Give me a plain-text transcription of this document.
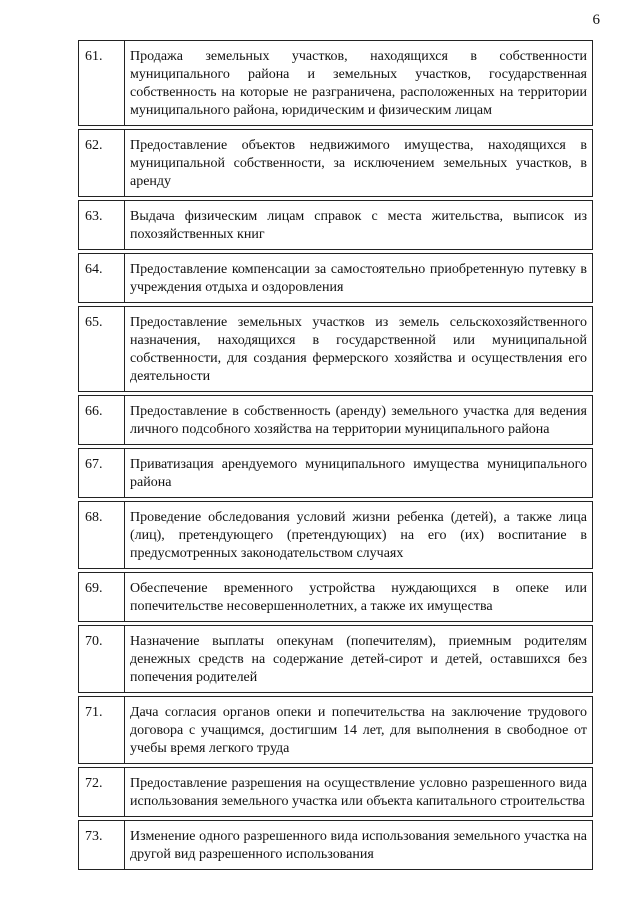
6
61.	Продажа земельных участков, находящихся в собственности муниципального района и земельных участков, государственная собственность на которые не разграничена, расположенных на территории муниципального района, юридическим и физическим лицам

62.	Предоставление объектов недвижимого имущества, находящихся в муниципальной собственности, за исключением земельных участков, в аренду

63.	Выдача физическим лицам справок с места жительства, выписок из похозяйственных книг

64.	Предоставление компенсации за самостоятельно приобретенную путевку в учреждения отдыха и оздоровления

65.	Предоставление земельных участков из земель сельскохозяйственного назначения, находящихся в государственной или муниципальной собственности, для создания фермерского хозяйства и осуществления его деятельности

66.	Предоставление в собственность (аренду) земельного участка для ведения личного подсобного хозяйства на территории муниципального района

67.	Приватизация арендуемого муниципального имущества муниципального района

68.	Проведение обследования условий жизни ребенка (детей), а также лица (лиц), претендующего (претендующих) на его (их) воспитание в предусмотренных законодательством случаях

69.	Обеспечение временного устройства нуждающихся в опеке или попечительстве несовершеннолетних, а также их имущества

70.	Назначение выплаты опекунам (попечителям), приемным родителям денежных средств на содержание детей-сирот и детей, оставшихся без попечения родителей

71.	Дача согласия органов опеки и попечительства на заключение трудового договора с учащимся, достигшим 14 лет, для выполнения в свободное от учебы время легкого труда

72.	Предоставление разрешения на осуществление условно разрешенного вида использования земельного участка или объекта капитального строительства

73.	Изменение одного разрешенного вида использования земельного участка на другой вид разрешенного использования
